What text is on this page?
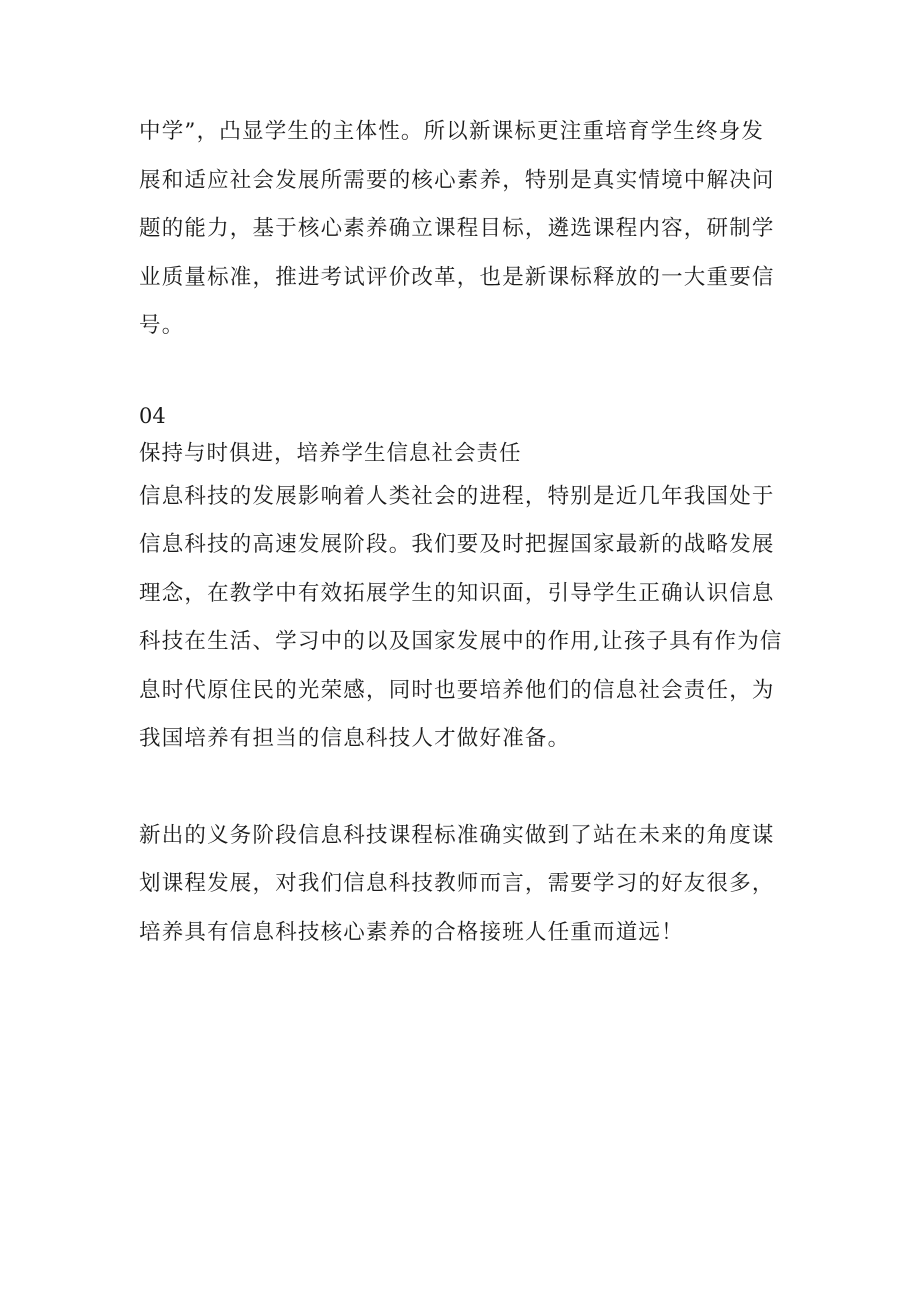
中学”，凸显学生的主体性。所以新课标更注重培育学生终身发
展和适应社会发展所需要的核心素养，特别是真实情境中解决问
题的能力，基于核心素养确立课程目标，遴选课程内容，研制学
业质量标准，推进考试评价改革，也是新课标释放的一大重要信
号。

04

保持与时俱进，培养学生信息社会责任

信息科技的发展影响着人类社会的进程，特别是近几年我国处于
信息科技的高速发展阶段。我们要及时把握国家最新的战略发展
理念，在教学中有效拓展学生的知识面，引导学生正确认识信息
科技在生活、学习中的以及国家发展中的作用,让孩子具有作为信
息时代原住民的光荣感，同时也要培养他们的信息社会责任，为
我国培养有担当的信息科技人才做好准备。

新出的义务阶段信息科技课程标准确实做到了站在未来的角度谋
划课程发展，对我们信息科技教师而言，需要学习的好友很多，
培养具有信息科技核心素养的合格接班人任重而道远！
